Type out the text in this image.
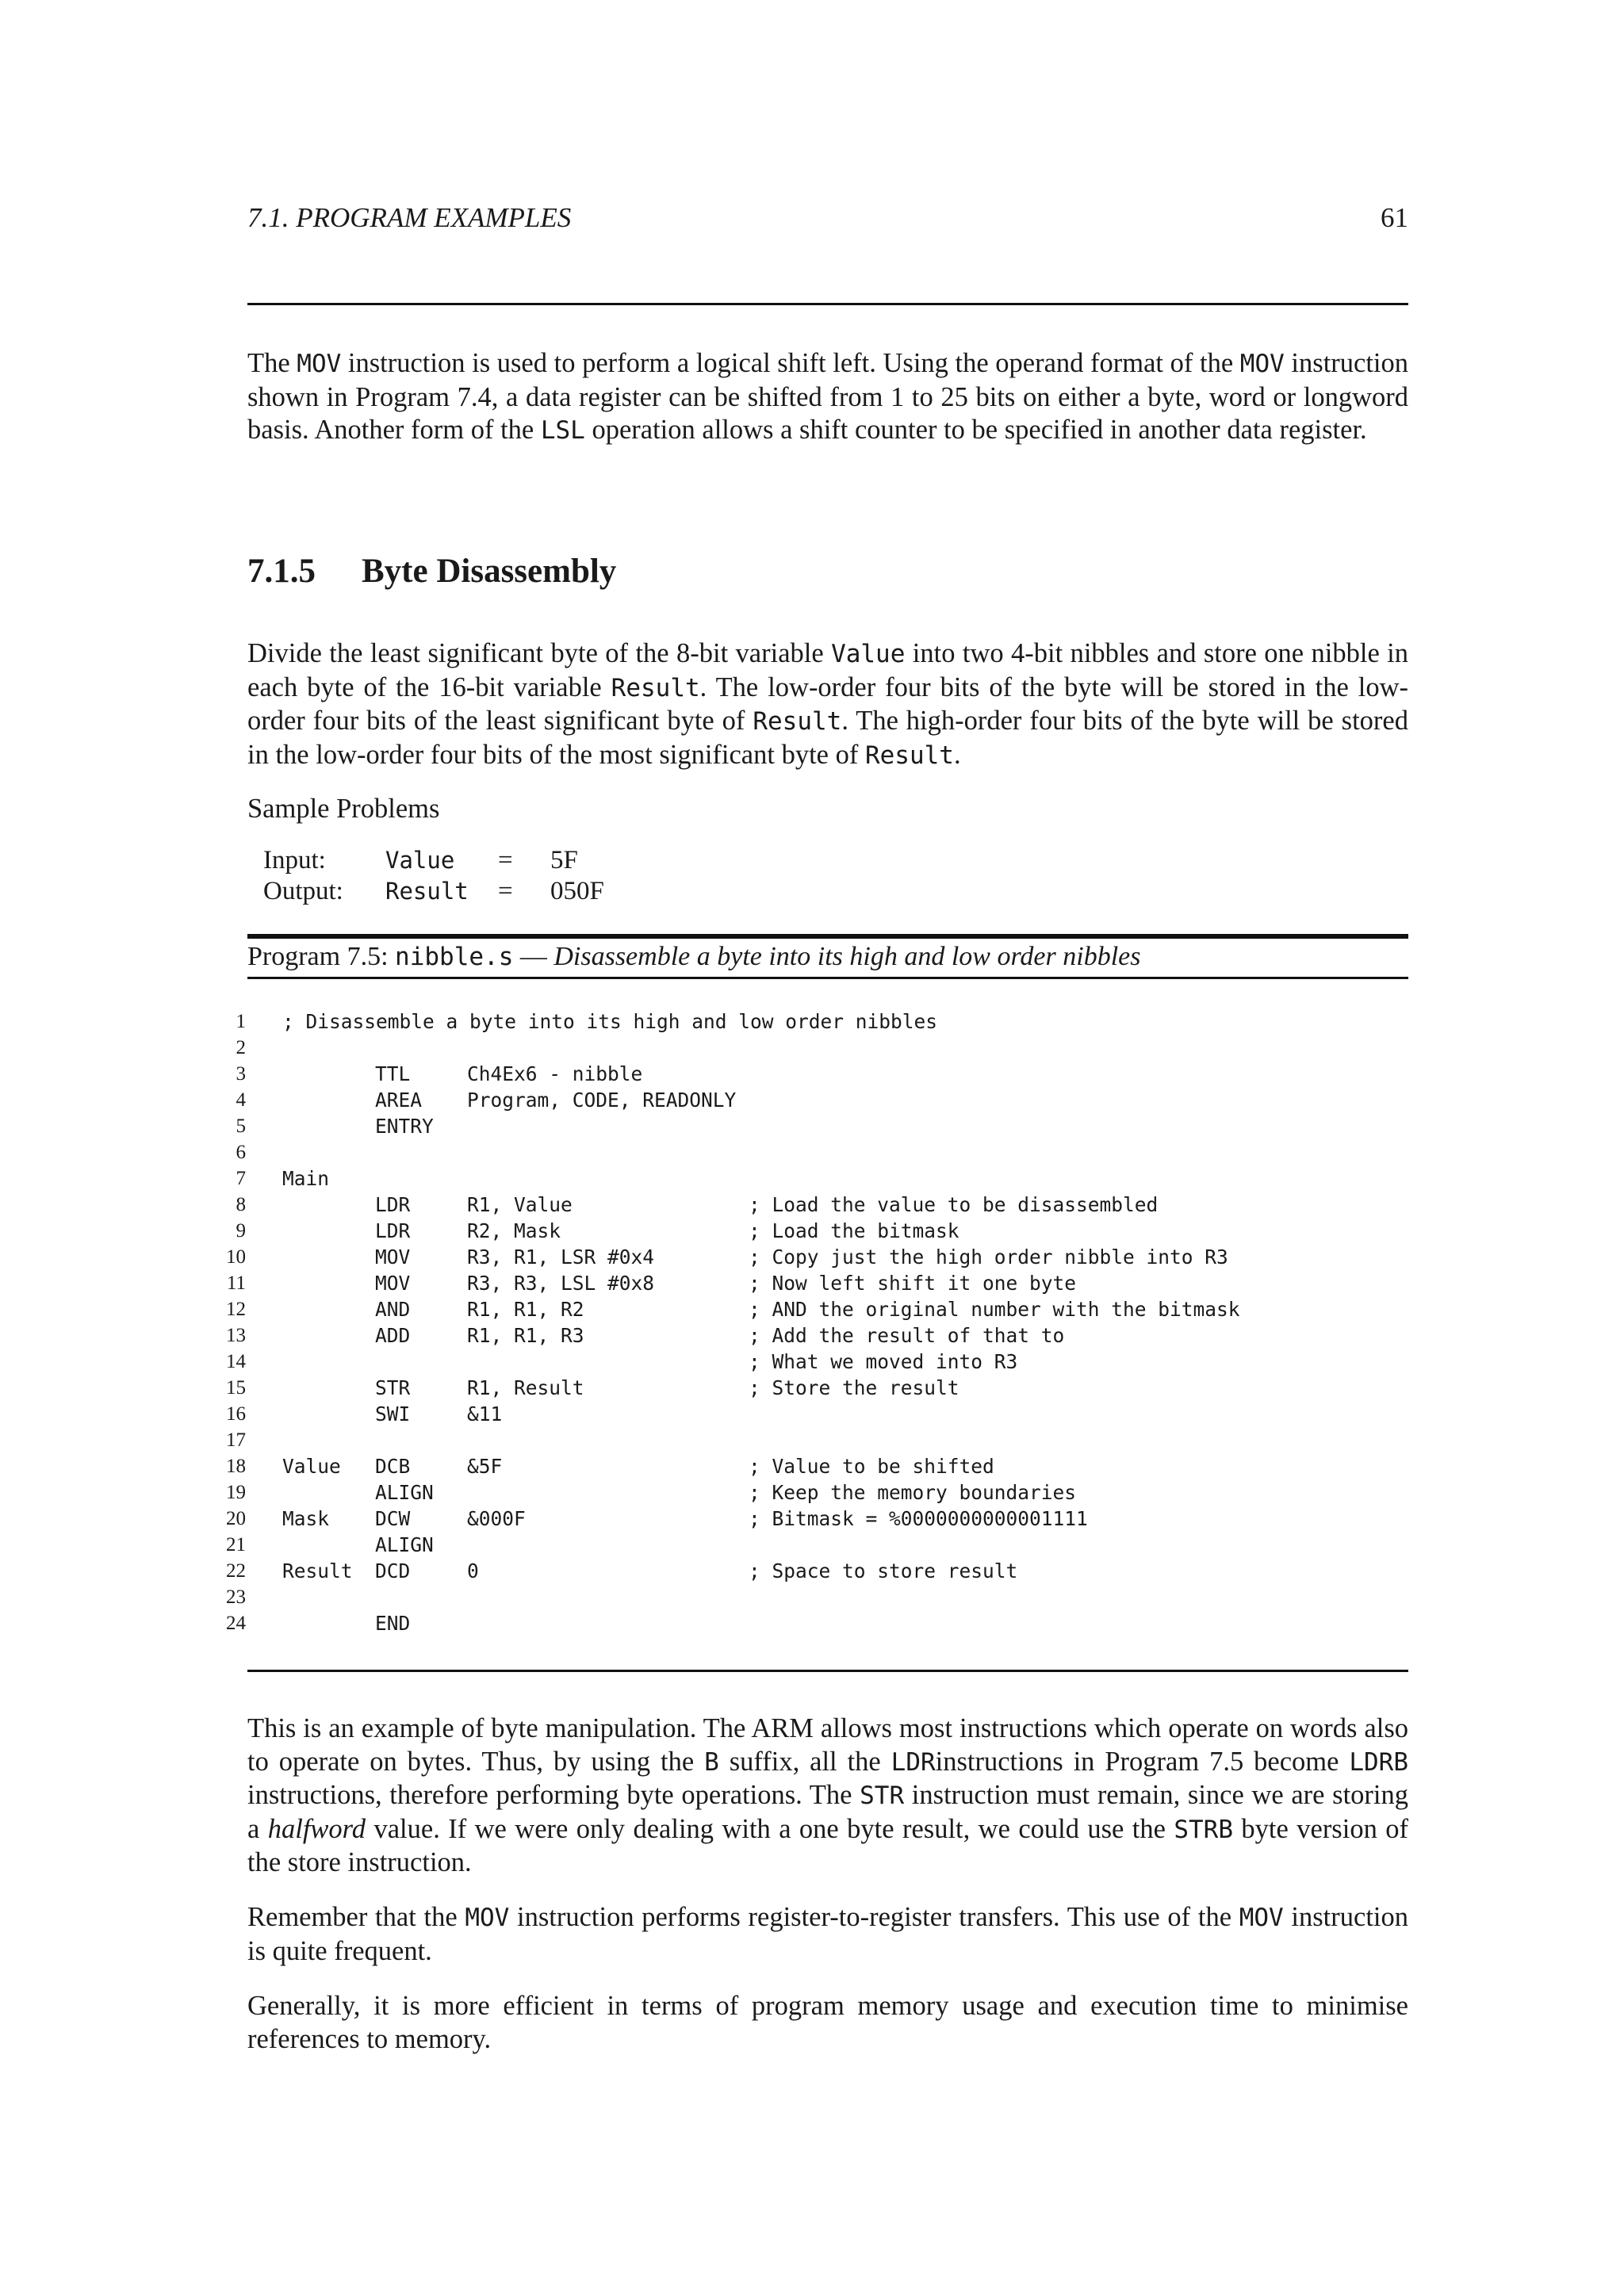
7.1. PROGRAM EXAMPLES	61

The MOV instruction is used to perform a logical shift left. Using the operand format of the MOV instruction shown in Program 7.4, a data register can be shifted from 1 to 25 bits on either a byte, word or longword basis. Another form of the LSL operation allows a shift counter to be specified in another data register.

7.1.5 Byte Disassembly

Divide the least significant byte of the 8-bit variable Value into two 4-bit nibbles and store one nibble in each byte of the 16-bit variable Result. The low-order four bits of the byte will be stored in the low-order four bits of the least significant byte of Result. The high-order four bits of the byte will be stored in the low-order four bits of the most significant byte of Result.

Sample Problems

Input:	Value = 5F
Output: Result = 050F
Program 7.5: nibble.s — Disassemble a byte into its high and low order nibbles
1 ; Disassemble a byte into its high and low order nibbles
2
3	TTL	Ch4Ex6 - nibble
4	AREA Program, CODE, READONLY
5	ENTRY
6
7 Main
8	LDR	R1, Value	; Load the value to be disassembled
9	LDR	R2, Mask	; Load the bitmask
10	MOV	R3, R1, LSR #0x4	; Copy just the high order nibble into R3
11	MOV	R3, R3, LSL #0x8	; Now left shift it one byte
12	AND	R1, R1, R2	; AND the original number with the bitmask
13	ADD	R1, R1, R3	; Add the result of that to
14	; What we moved into R3
15	STR	R1, Result	; Store the result
16	SWI	&11
17
18 Value DCB	&5F	; Value to be shifted
19	ALIGN	; Keep the memory boundaries
20 Mask DCW	&000F	; Bitmask = %0000000000001111
21	ALIGN
22 Result DCD	0	; Space to store result
23
24	END

This is an example of byte manipulation. The ARM allows most instructions which operate on words also to operate on bytes. Thus, by using the B suffix, all the LDRinstructions in Program 7.5 become LDRB instructions, therefore performing byte operations. The STR instruction must remain, since we are storing a halfword value. If we were only dealing with a one byte result, we could use the STRB byte version of the store instruction.

Remember that the MOV instruction performs register-to-register transfers. This use of the MOV instruction is quite frequent.

Generally, it is more efficient in terms of program memory usage and execution time to minimise references to memory.
